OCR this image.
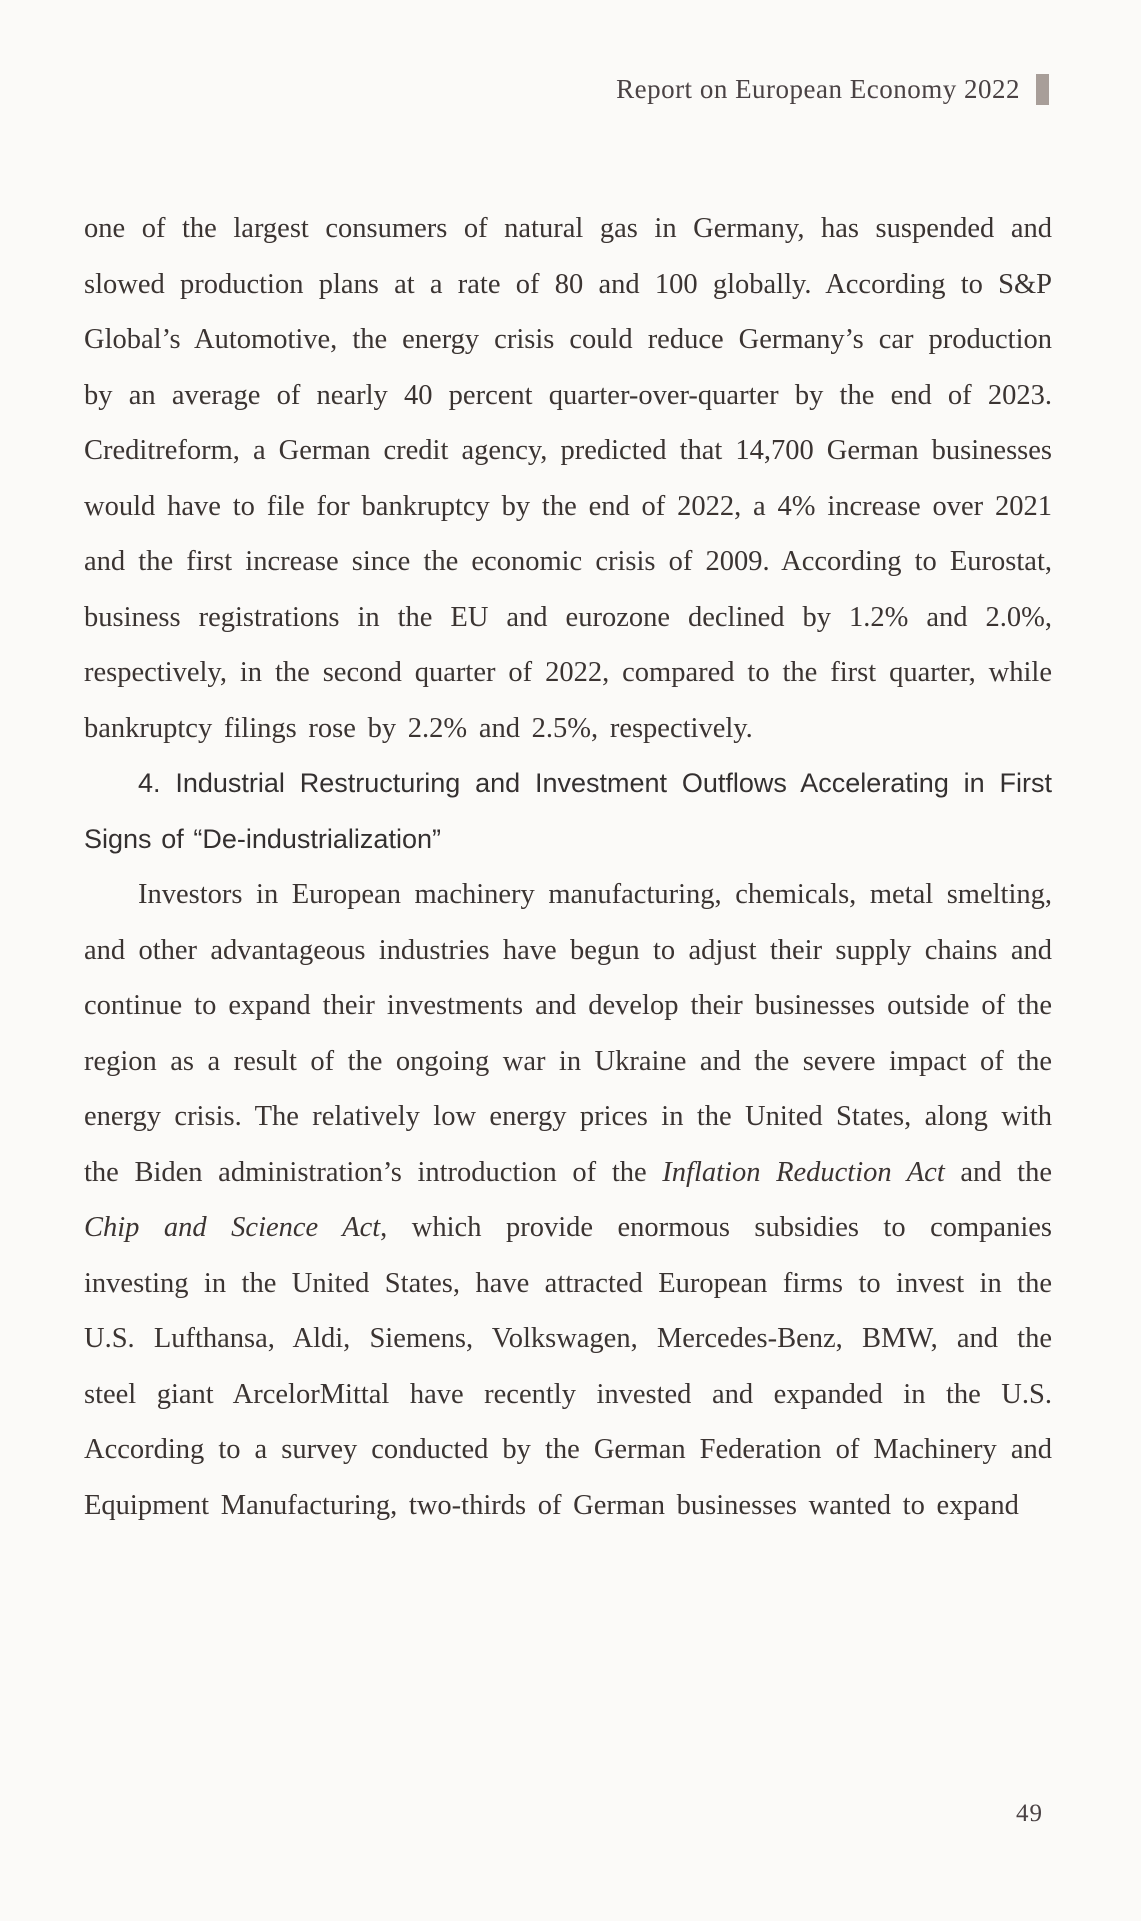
Report on European Economy 2022

one of the largest consumers of natural gas in Germany, has suspended and slowed production plans at a rate of 80 and 100 globally. According to S&P Global’s Automotive, the energy crisis could reduce Germany’s car production by an average of nearly 40 percent quarter-over-quarter by the end of 2023. Creditreform, a German credit agency, predicted that 14,700 German businesses would have to file for bankruptcy by the end of 2022, a 4% increase over 2021 and the first increase since the economic crisis of 2009. According to Eurostat, business registrations in the EU and eurozone declined by 1.2% and 2.0%, respectively, in the second quarter of 2022, compared to the first quarter, while bankruptcy filings rose by 2.2% and 2.5%, respectively.

4. Industrial Restructuring and Investment Outflows Accelerating in First Signs of “De-industrialization”

Investors in European machinery manufacturing, chemicals, metal smelting, and other advantageous industries have begun to adjust their supply chains and continue to expand their investments and develop their businesses outside of the region as a result of the ongoing war in Ukraine and the severe impact of the energy crisis. The relatively low energy prices in the United States, along with the Biden administration’s introduction of the Inflation Reduction Act and the Chip and Science Act, which provide enormous subsidies to companies investing in the United States, have attracted European firms to invest in the U.S. Lufthansa, Aldi, Siemens, Volkswagen, Mercedes-Benz, BMW, and the steel giant ArcelorMittal have recently invested and expanded in the U.S. According to a survey conducted by the German Federation of Machinery and Equipment Manufacturing, two-thirds of German businesses wanted to expand

49
